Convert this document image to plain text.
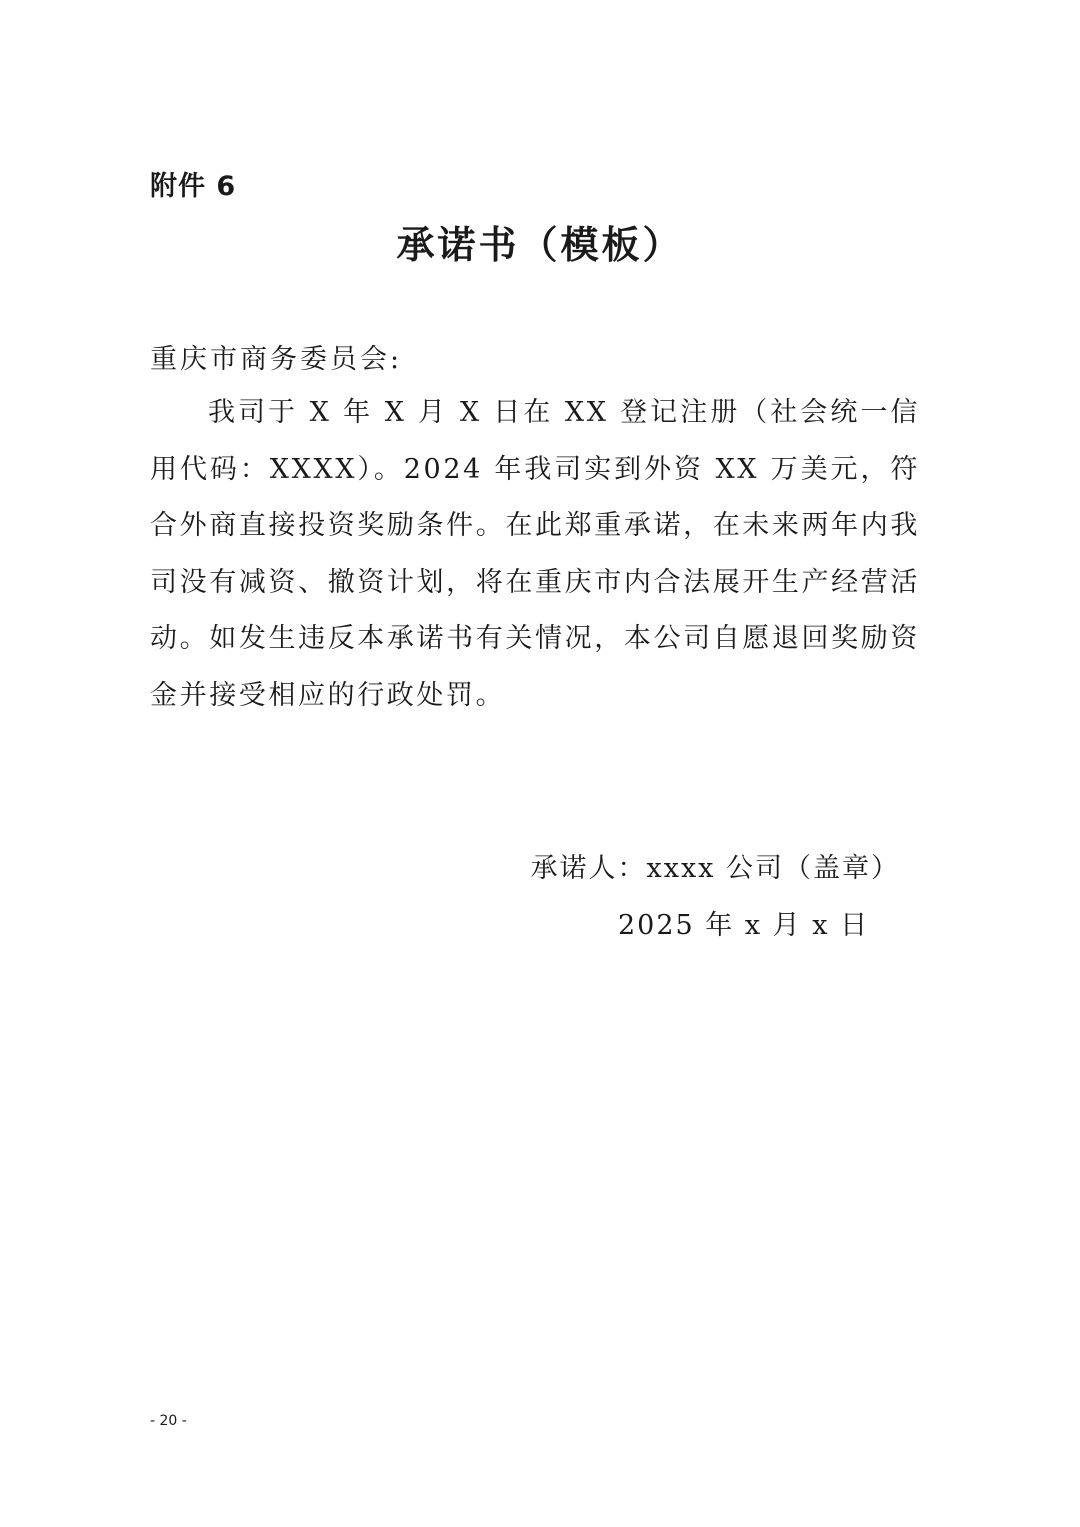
附件 6
承诺书（模板）
重庆市商务委员会:
我司于 X 年 X 月 X 日在 XX 登记注册（社会统一信用代码：XXXX）。2024 年我司实到外资 XX 万美元，符合外商直接投资奖励条件。在此郑重承诺，在未来两年内我司没有减资、撤资计划，将在重庆市内合法展开生产经营活动。如发生违反本承诺书有关情况，本公司自愿退回奖励资金并接受相应的行政处罚。
承诺人：xxxx 公司（盖章）
2025 年 x 月 x 日
- 20 -
